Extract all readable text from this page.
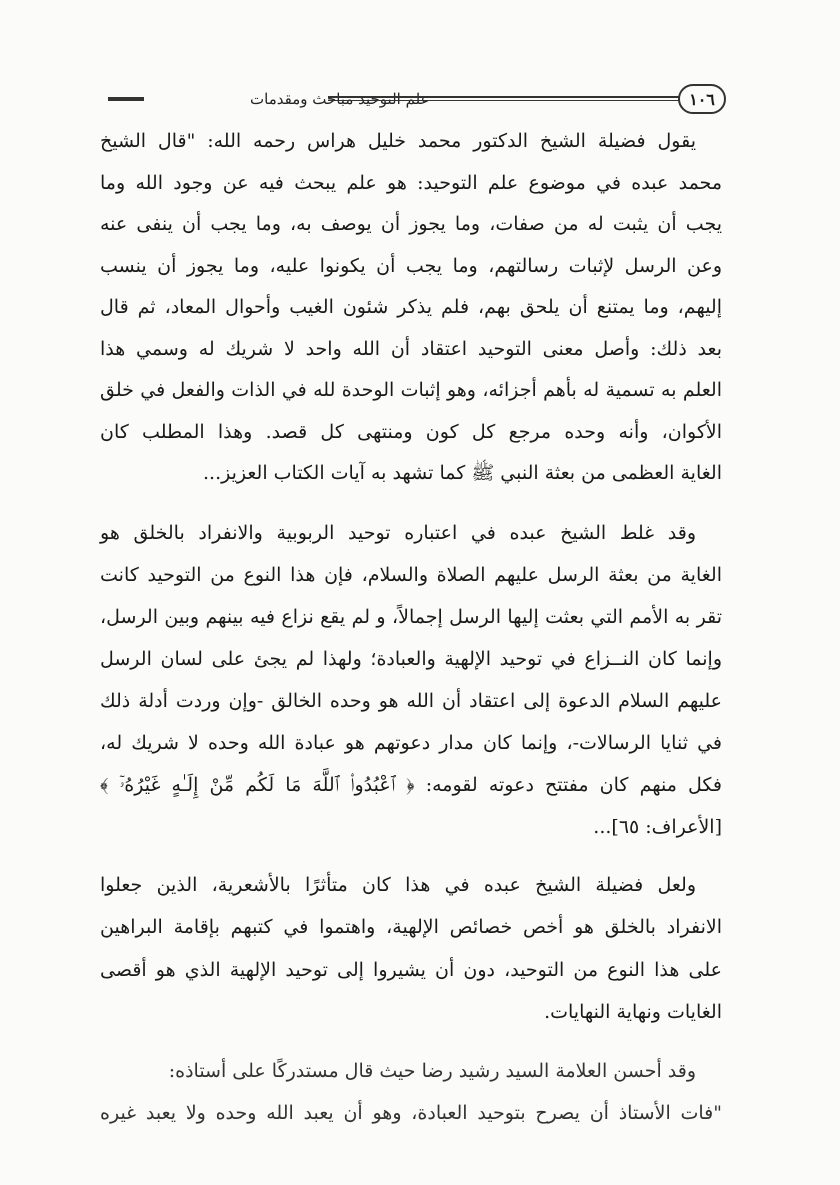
علم التوحيد مباحث ومقدمات	١٠٦
يقول فضيلة الشيخ الدكتور محمد خليل هراس رحمه الله: "قال الشيخ
محمد عبده في موضوع علم التوحيد: هو علم يبحث فيه عن وجود الله وما
يجب أن يثبت له من صفات، وما يجوز أن يوصف به، وما يجب أن ينفى عنه
وعن الرسل لإثبات رسالتهم، وما يجب أن يكونوا عليه، وما يجوز أن ينسب
إليهم، وما يمتنع أن يلحق بهم، فلم يذكر شئون الغيب وأحوال المعاد، ثم قال
بعد ذلك: وأصل معنى التوحيد اعتقاد أن الله واحد لا شريك له وسمي هذا
العلم به تسمية له بأهم أجزائه، وهو إثبات الوحدة لله في الذات والفعل في خلق
الأكوان، وأنه وحده مرجع كل كون ومنتهى كل قصد. وهذا المطلب كان
الغاية العظمى من بعثة النبي ﷺ كما تشهد به آيات الكتاب العزيز...
وقد غلط الشيخ عبده في اعتباره توحيد الربوبية والانفراد بالخلق هو
الغاية من بعثة الرسل عليهم الصلاة والسلام، فإن هذا النوع من التوحيد كانت
تقر به الأمم التي بعثت إليها الرسل إجمالاً، و لم يقع نزاع فيه بينهم وبين الرسل،
وإنما كان النــزاع في توحيد الإلهية والعبادة؛ ولهذا لم يجئ على لسان الرسل
عليهم السلام الدعوة إلى اعتقاد أن الله هو وحده الخالق -وإن وردت أدلة ذلك
في ثنايا الرسالات-، وإنما كان مدار دعوتهم هو عبادة الله وحده لا شريك له،
فكل منهم كان مفتتح دعوته لقومه: ﴿ ٱعْبُدُوا۟ ٱللَّهَ مَا لَكُم مِّنْ إِلَـٰهٍ غَيْرُهُۥٓ ﴾
[الأعراف: ٦٥]...
ولعل فضيلة الشيخ عبده في هذا كان متأثرًا بالأشعرية، الذين جعلوا
الانفراد بالخلق هو أخص خصائص الإلهية، واهتموا في كتبهم بإقامة البراهين
على هذا النوع من التوحيد، دون أن يشيروا إلى توحيد الإلهية الذي هو أقصى
الغايات ونهاية النهايات.
وقد أحسن العلامة السيد رشيد رضا حيث قال مستدركًا على أستاذه:
"فات الأستاذ أن يصرح بتوحيد العبادة، وهو أن يعبد الله وحده ولا يعبد غيره
